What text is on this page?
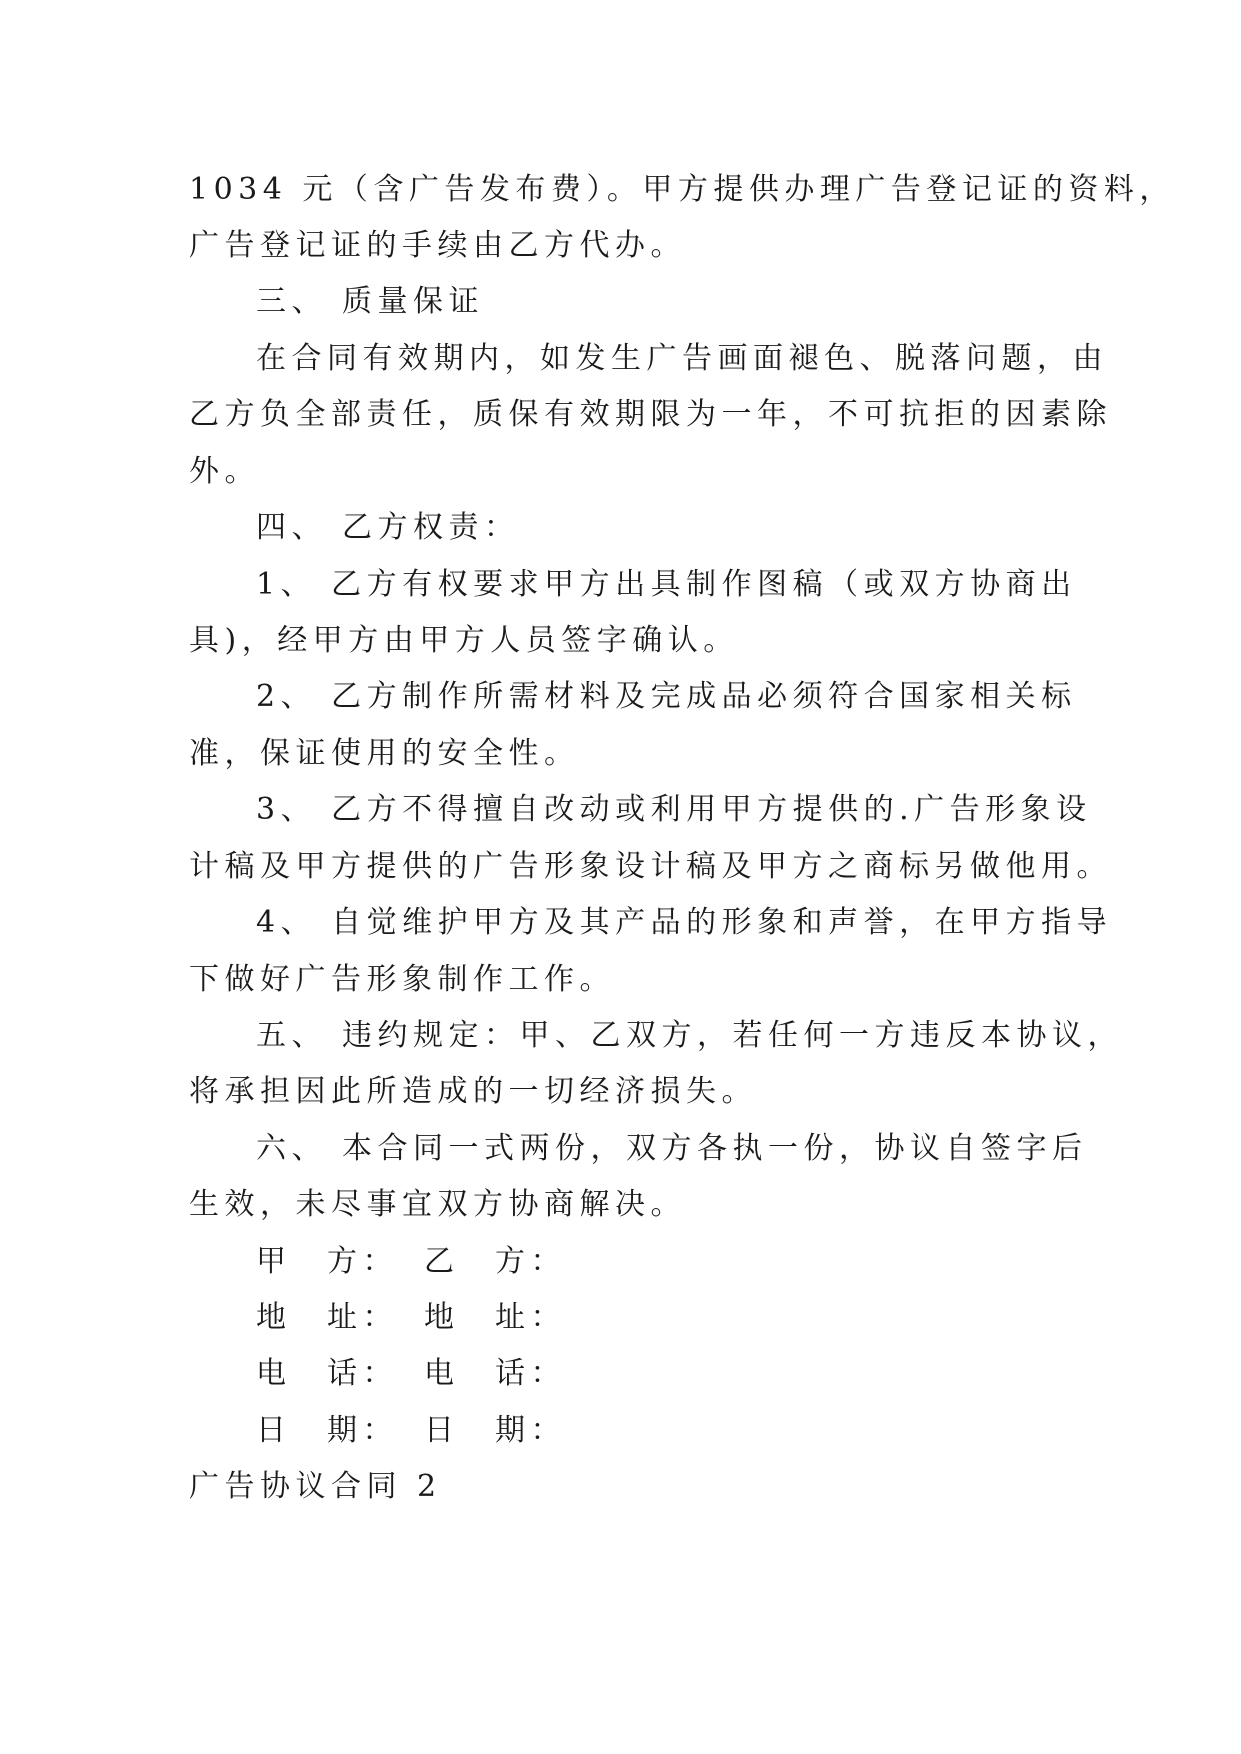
1034 元（含广告发布费）。甲方提供办理广告登记证的资料，
广告登记证的手续由乙方代办。
三、 质量保证
在合同有效期内，如发生广告画面褪色、脱落问题，由
乙方负全部责任，质保有效期限为一年，不可抗拒的因素除
外。
四、 乙方权责：
1、 乙方有权要求甲方出具制作图稿（或双方协商出
具)，经甲方由甲方人员签字确认。
2、 乙方制作所需材料及完成品必须符合国家相关标
准，保证使用的安全性。
3、 乙方不得擅自改动或利用甲方提供的.广告形象设
计稿及甲方提供的广告形象设计稿及甲方之商标另做他用。
4、 自觉维护甲方及其产品的形象和声誉，在甲方指导
下做好广告形象制作工作。
五、 违约规定：甲、乙双方，若任何一方违反本协议，
将承担因此所造成的一切经济损失。
六、 本合同一式两份，双方各执一份，协议自签字后
生效，未尽事宜双方协商解决。
甲　方： 乙　方：
地　址： 地　址：
电　话： 电　话：
日　期： 日　期：
广告协议合同 2
